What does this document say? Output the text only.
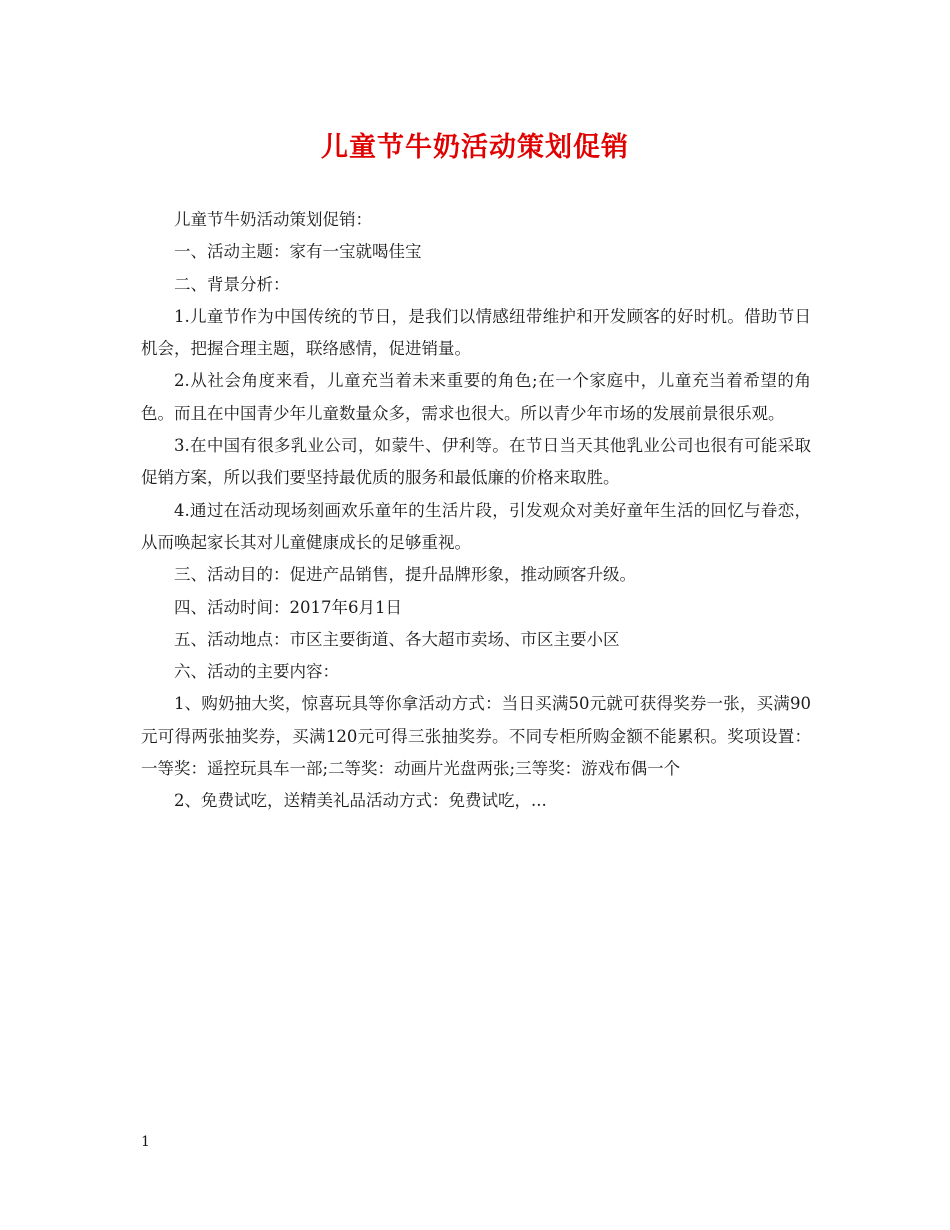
儿童节牛奶活动策划促销

儿童节牛奶活动策划促销：

一、活动主题：家有一宝就喝佳宝

二、背景分析：

1.儿童节作为中国传统的节日，是我们以情感纽带维护和开发顾客的好时机。借助节日机会，把握合理主题，联络感情，促进销量。

2.从社会角度来看，儿童充当着未来重要的角色;在一个家庭中，儿童充当着希望的角色。而且在中国青少年儿童数量众多，需求也很大。所以青少年市场的发展前景很乐观。

3.在中国有很多乳业公司，如蒙牛、伊利等。在节日当天其他乳业公司也很有可能采取促销方案，所以我们要坚持最优质的服务和最低廉的价格来取胜。

4.通过在活动现场刻画欢乐童年的生活片段，引发观众对美好童年生活的回忆与眷恋，从而唤起家长其对儿童健康成长的足够重视。

三、活动目的：促进产品销售，提升品牌形象，推动顾客升级。

四、活动时间：2017年6月1日

五、活动地点：市区主要街道、各大超市卖场、市区主要小区

六、活动的主要内容：

1、购奶抽大奖，惊喜玩具等你拿活动方式：当日买满50元就可获得奖券一张，买满90元可得两张抽奖券，买满120元可得三张抽奖券。不同专柜所购金额不能累积。奖项设置：一等奖：遥控玩具车一部;二等奖：动画片光盘两张;三等奖：游戏布偶一个

2、免费试吃，送精美礼品活动方式：免费试吃，...

1
